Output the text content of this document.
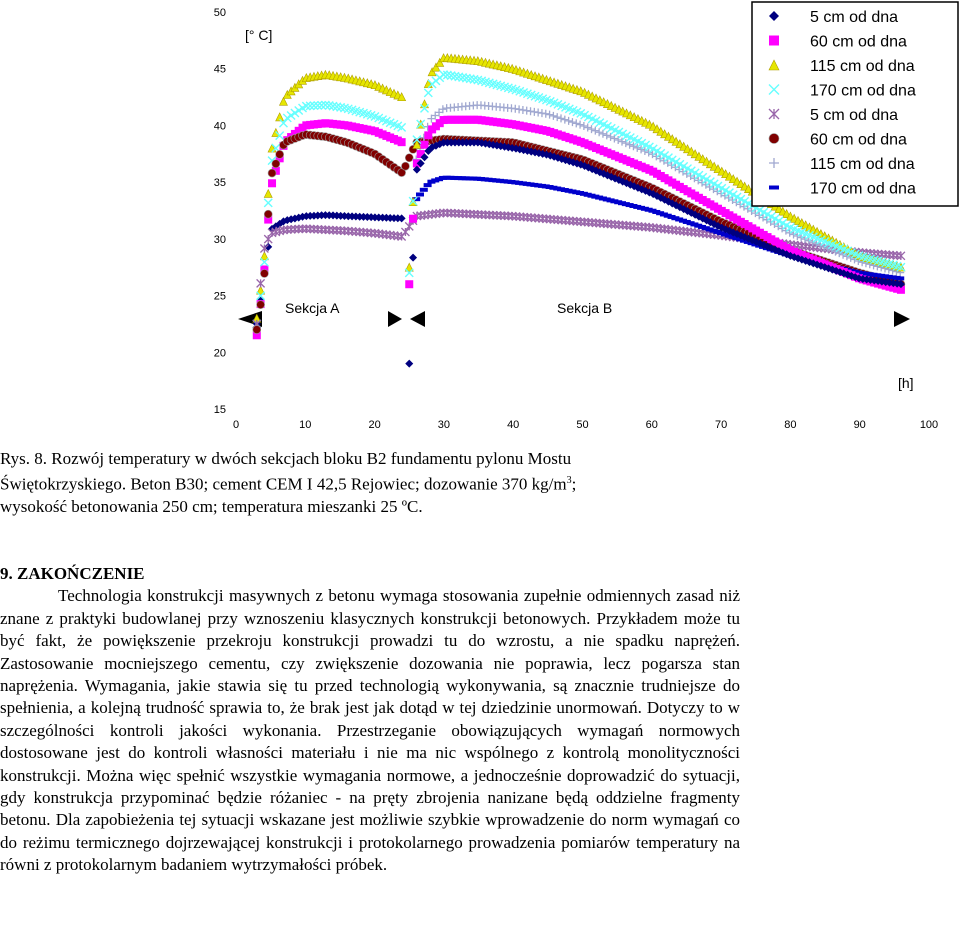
15
20
25
30
35
40
45
50
0	10	20	30	40	50	60	70	80	90	100
[° C]
[h]
Sekcja A	Sekcja B
5 cm od dna
60 cm od dna
115 cm od dna
170 cm od dna
5 cm od dna
60 cm od dna
115 cm od dna
170 cm od dna
Rys. 8. Rozwój temperatury w dwóch sekcjach bloku B2 fundamentu pylonu Mostu
Świętokrzyskiego. Beton B30; cement CEM I 42,5 Rejowiec; dozowanie 370 $kg/m^3$;
wysokość betonowania 250 cm; temperatura mieszanki 25 ºC.
9. ZAKOŃCZENIE
Technologia konstrukcji masywnych z betonu wymaga stosowania zupełnie odmiennych zasad niż znane z praktyki budowlanej przy wznoszeniu klasycznych konstrukcji betonowych. Przykładem może tu być fakt, że powiększenie przekroju konstrukcji prowadzi tu do wzrostu, a nie spadku naprężeń. Zastosowanie mocniejszego cementu, czy zwiększenie dozowania nie poprawia, lecz pogarsza stan naprężenia. Wymagania, jakie stawia się tu przed technologią wykonywania, są znacznie trudniejsze do spełnienia, a kolejną trudność sprawia to, że brak jest jak dotąd w tej dziedzinie unormowań. Dotyczy to w szczególności kontroli jakości wykonania. Przestrzeganie obowiązujących wymagań normowych dostosowane jest do kontroli własności materiału i nie ma nic wspólnego z kontrolą monolityczności konstrukcji. Można więc spełnić wszystkie wymagania normowe, a jednocześnie doprowadzić do sytuacji, gdy konstrukcja przypominać będzie różaniec - na pręty zbrojenia nanizane będą oddzielne fragmenty betonu. Dla zapobieżenia tej sytuacji wskazane jest możliwie szybkie wprowadzenie do norm wymagań co do reżimu termicznego dojrzewającej konstrukcji i protokolarnego prowadzenia pomiarów temperatury na równi z protokolarnym badaniem wytrzymałości próbek.
